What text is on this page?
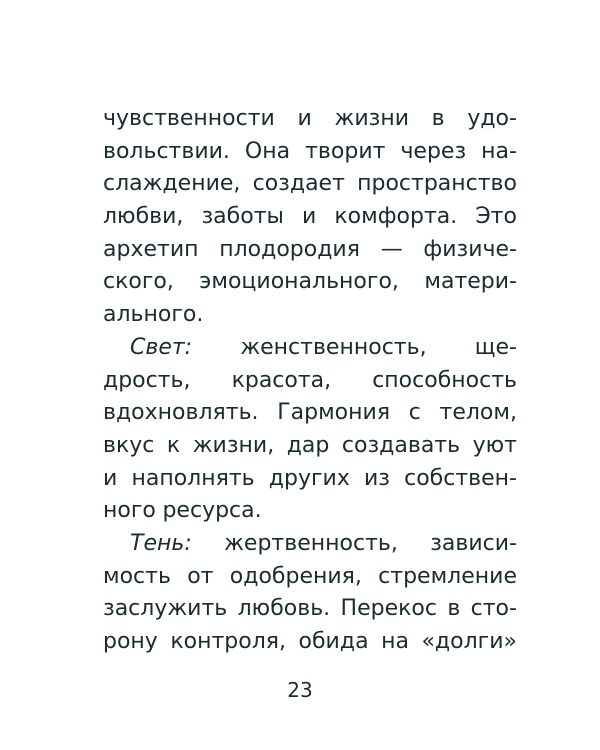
чувственности и жизни в удо-
вольствии. Она творит через на-
слаждение, создает пространство
любви, заботы и комфорта. Это
архетип плодородия — физиче-
ского, эмоционального, матери-
ального.
Свет: женственность, ще-
дрость, красота, способность
вдохновлять. Гармония с телом,
вкус к жизни, дар создавать уют
и наполнять других из собствен-
ного ресурса.
Тень: жертвенность, зависи-
мость от одобрения, стремление
заслужить любовь. Перекос в сто-
рону контроля, обида на «долги»
23
